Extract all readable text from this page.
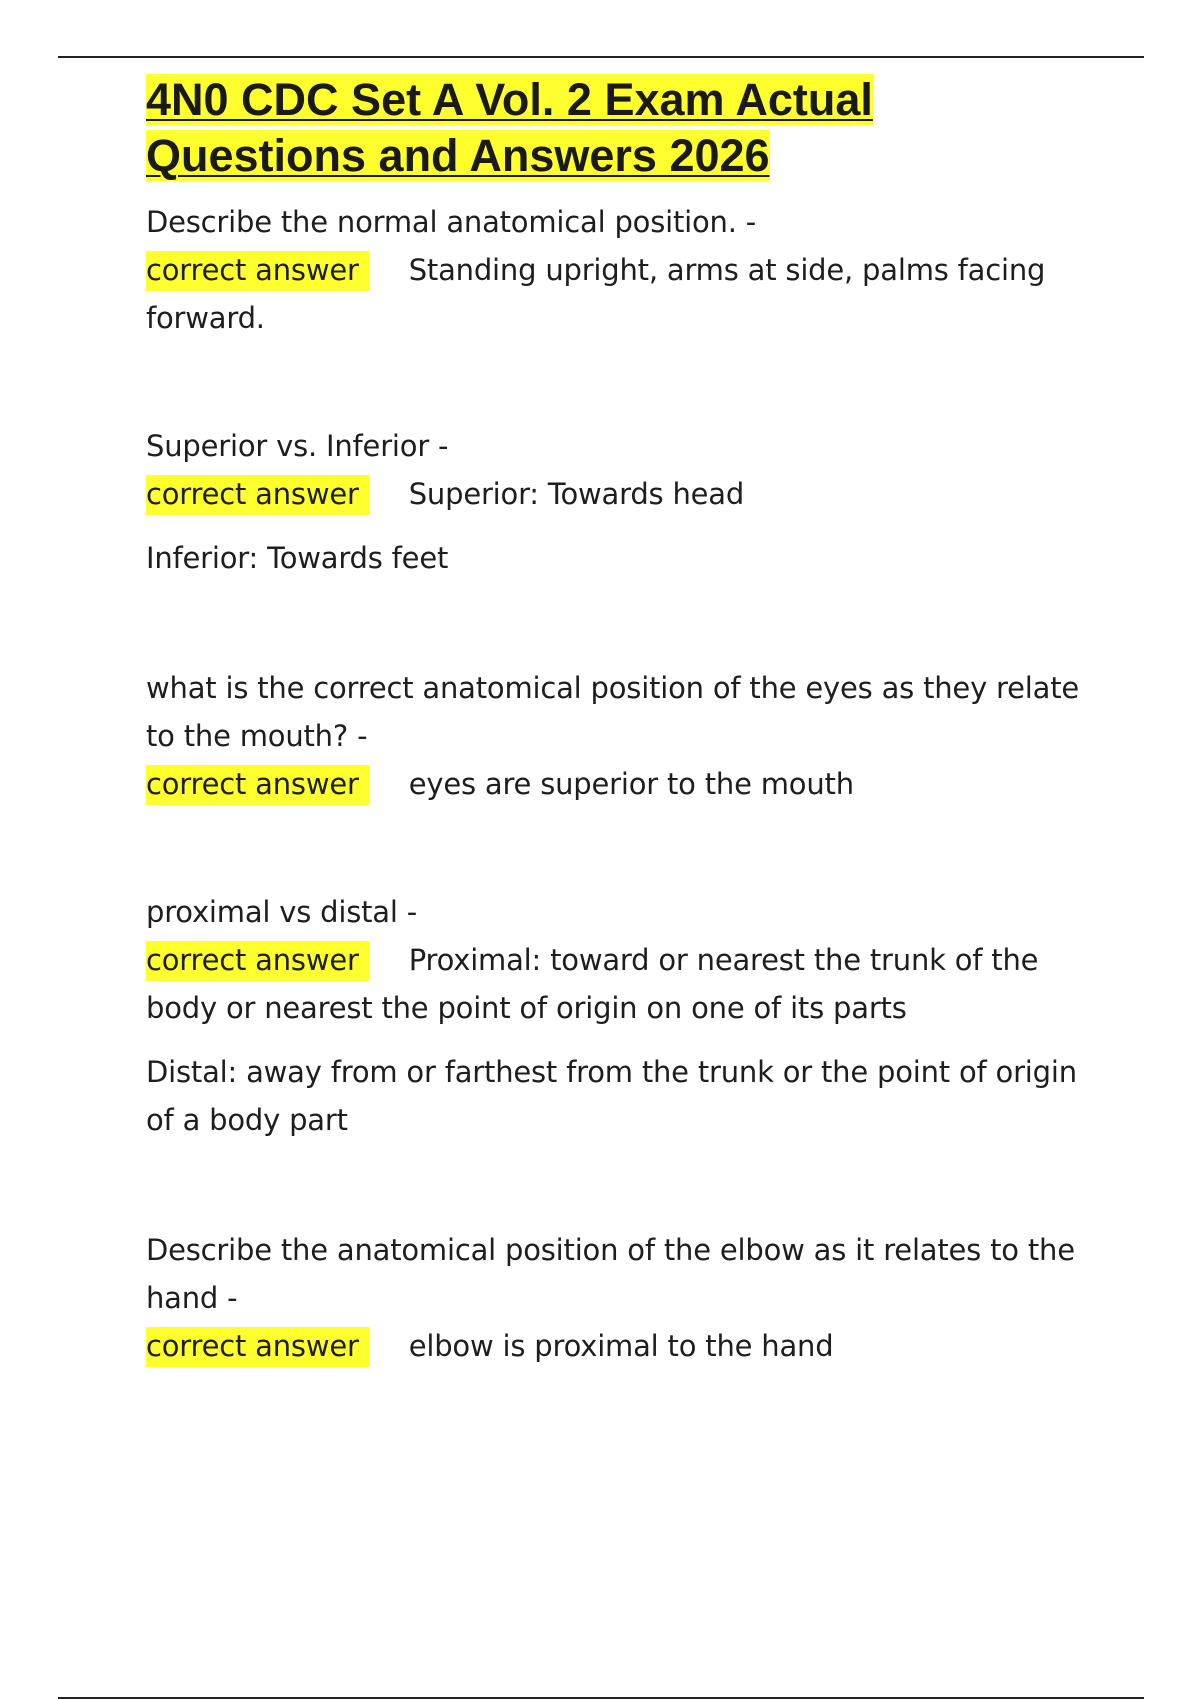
4N0 CDC Set A Vol. 2 Exam Actual
Questions and Answers 2026

Describe the normal anatomical position. -

correct answer Standing upright, arms at side, palms facing forward.

Superior vs. Inferior -

correct answer Superior: Towards head

Inferior: Towards feet

what is the correct anatomical position of the eyes as they relate to the mouth? -

correct answer eyes are superior to the mouth

proximal vs distal -

correct answer Proximal: toward or nearest the trunk of the body or nearest the point of origin on one of its parts

Distal: away from or farthest from the trunk or the point of origin of a body part

Describe the anatomical position of the elbow as it relates to the hand -

correct answer elbow is proximal to the hand
